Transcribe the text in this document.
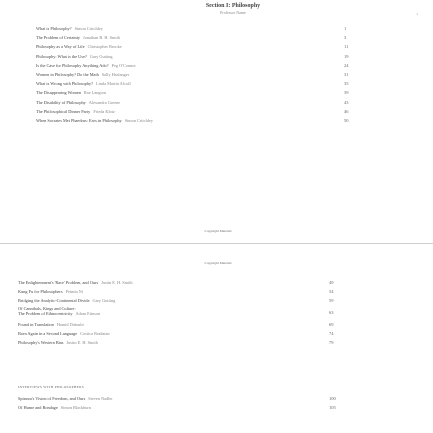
Section I: Philosophy
Professor Name	›
What is Philosophy? Simon Critchley	1
The Problem of Certainty Jonathan B. H. Smith	3
Philosophy as a Way of Life Christopher Brooke	11
Philosophy: What is the Use? Gary Gutting	19
Is the Case for Philosophy Anything Ado? Peg O'Connor	24
Women in Philosophy? Do the Math Sally Haslanger	31
What is Wrong with Philosophy? Linda Martín Alcoff	35
The Disappearing Women Rae Langton	39
The Disability of Philosophy Alexandra Greene	43
The Philosophical Dinner Party Frieda Klotz	46
When Socrates Met Phaedrus: Eros in Philosophy Simon Critchley	50
Copyright Material
Copyright Material
The Enlightenment's 'Race' Problem, and Ours Justin E. H. Smith	49
Kung Fu for Philosophers Peimin Ni	54
Bridging the Analytic-Continental Divide Gary Gutting	59
Of Cannibals, Kings and Culture:
The Problem of Ethnocentricity Adam Etinson	63
Found in Translation Hamid Dabashi	69
Born Again in a Second Language Costica Bradatan	74
Philosophy's Western Bias Justin E. H. Smith	79
INTERVIEWS WITH PHILOSOPHERS
Spinoza's Vision of Freedom, and Ours Steven Nadler	100
Of Hume and Bondage Simon Blackburn	105
